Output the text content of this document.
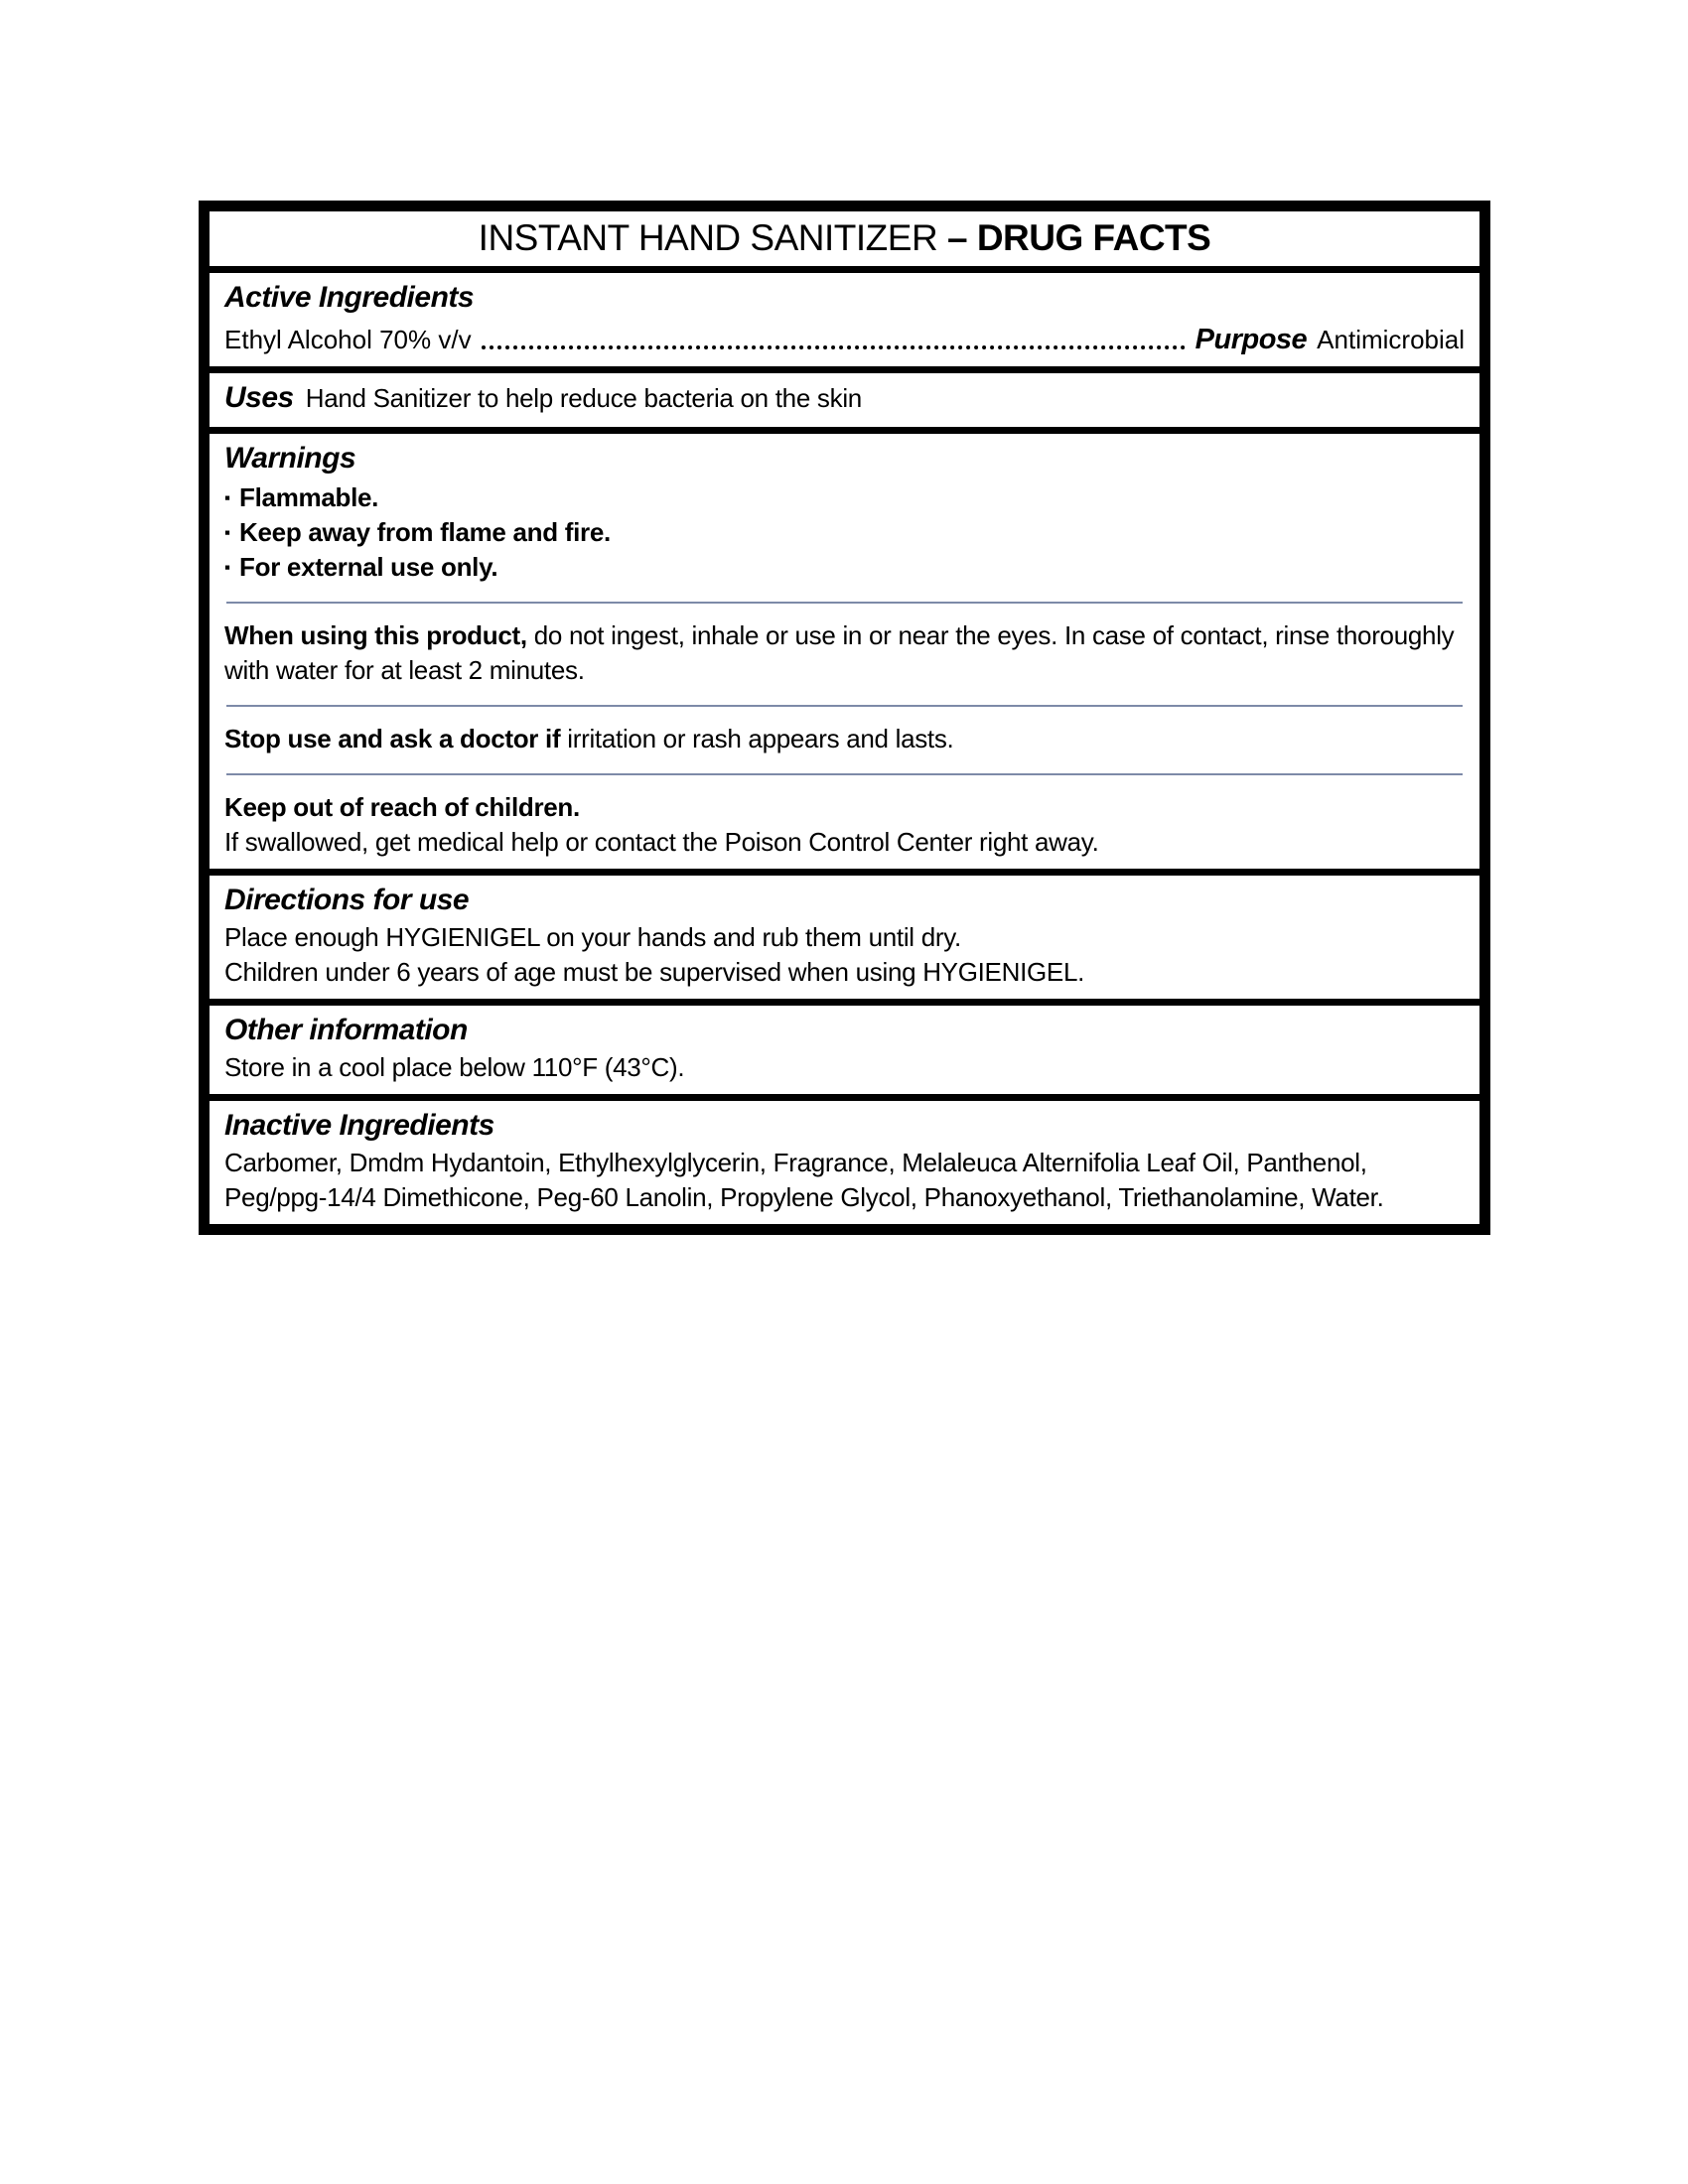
INSTANT HAND SANITIZER – DRUG FACTS
Active Ingredients
Ethyl Alcohol 70% v/v	Purpose Antimicrobial
Uses Hand Sanitizer to help reduce bacteria on the skin
Warnings
▪ Flammable.
▪ Keep away from flame and fire.
▪ For external use only.

When using this product, do not ingest, inhale or use in or near the eyes. In case of contact, rinse thoroughly with water for at least 2 minutes.

Stop use and ask a doctor if irritation or rash appears and lasts.

Keep out of reach of children.

If swallowed, get medical help or contact the Poison Control Center right away.

Directions for use
Place enough HYGIENIGEL on your hands and rub them until dry.
Children under 6 years of age must be supervised when using HYGIENIGEL.
Other information
Store in a cool place below 110°F (43°C).
Inactive Ingredients
Carbomer, Dmdm Hydantoin, Ethylhexylglycerin, Fragrance, Melaleuca Alternifolia Leaf Oil, Panthenol, Peg/ppg-14/4 Dimethicone, Peg-60 Lanolin, Propylene Glycol, Phanoxyethanol, Triethanolamine, Water.
